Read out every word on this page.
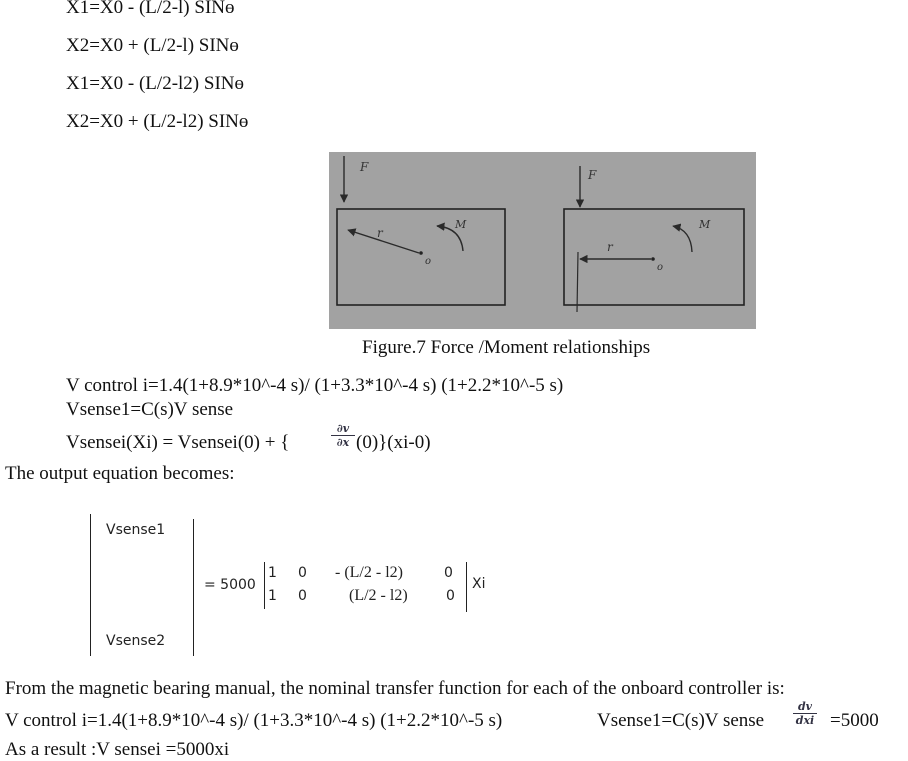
X1=X0 - (L/2-l) SINɵ
X2=X0 + (L/2-l) SINɵ
X1=X0 - (L/2-l2) SINɵ
X2=X0 + (L/2-l2) SINɵ
F
r
M
o
F
r
M
o
Figure.7 Force /Moment relationships
V control i=1.4(1+8.9*10^-4 s)/ (1+3.3*10^-4 s) (1+2.2*10^-5 s)
Vsense1=C(s)V sense
Vsensei(Xi) = Vsensei(0) + {
∂v
∂x (0)}(xi-0)
The output equation becomes:
Vsense1
Vsense2
= 5000
1 0 - (L/2 - l2)	0
1 0	(L/2 - l2)	0
Xi
From the magnetic bearing manual, the nominal transfer function for each of the onboard controller is:
V control i=1.4(1+8.9*10^-4 s)/ (1+3.3*10^-4 s) (1+2.2*10^-5 s)	Vsense1=C(s)V sense
dv
dxi =5000
As a result :V sensei =5000xi
